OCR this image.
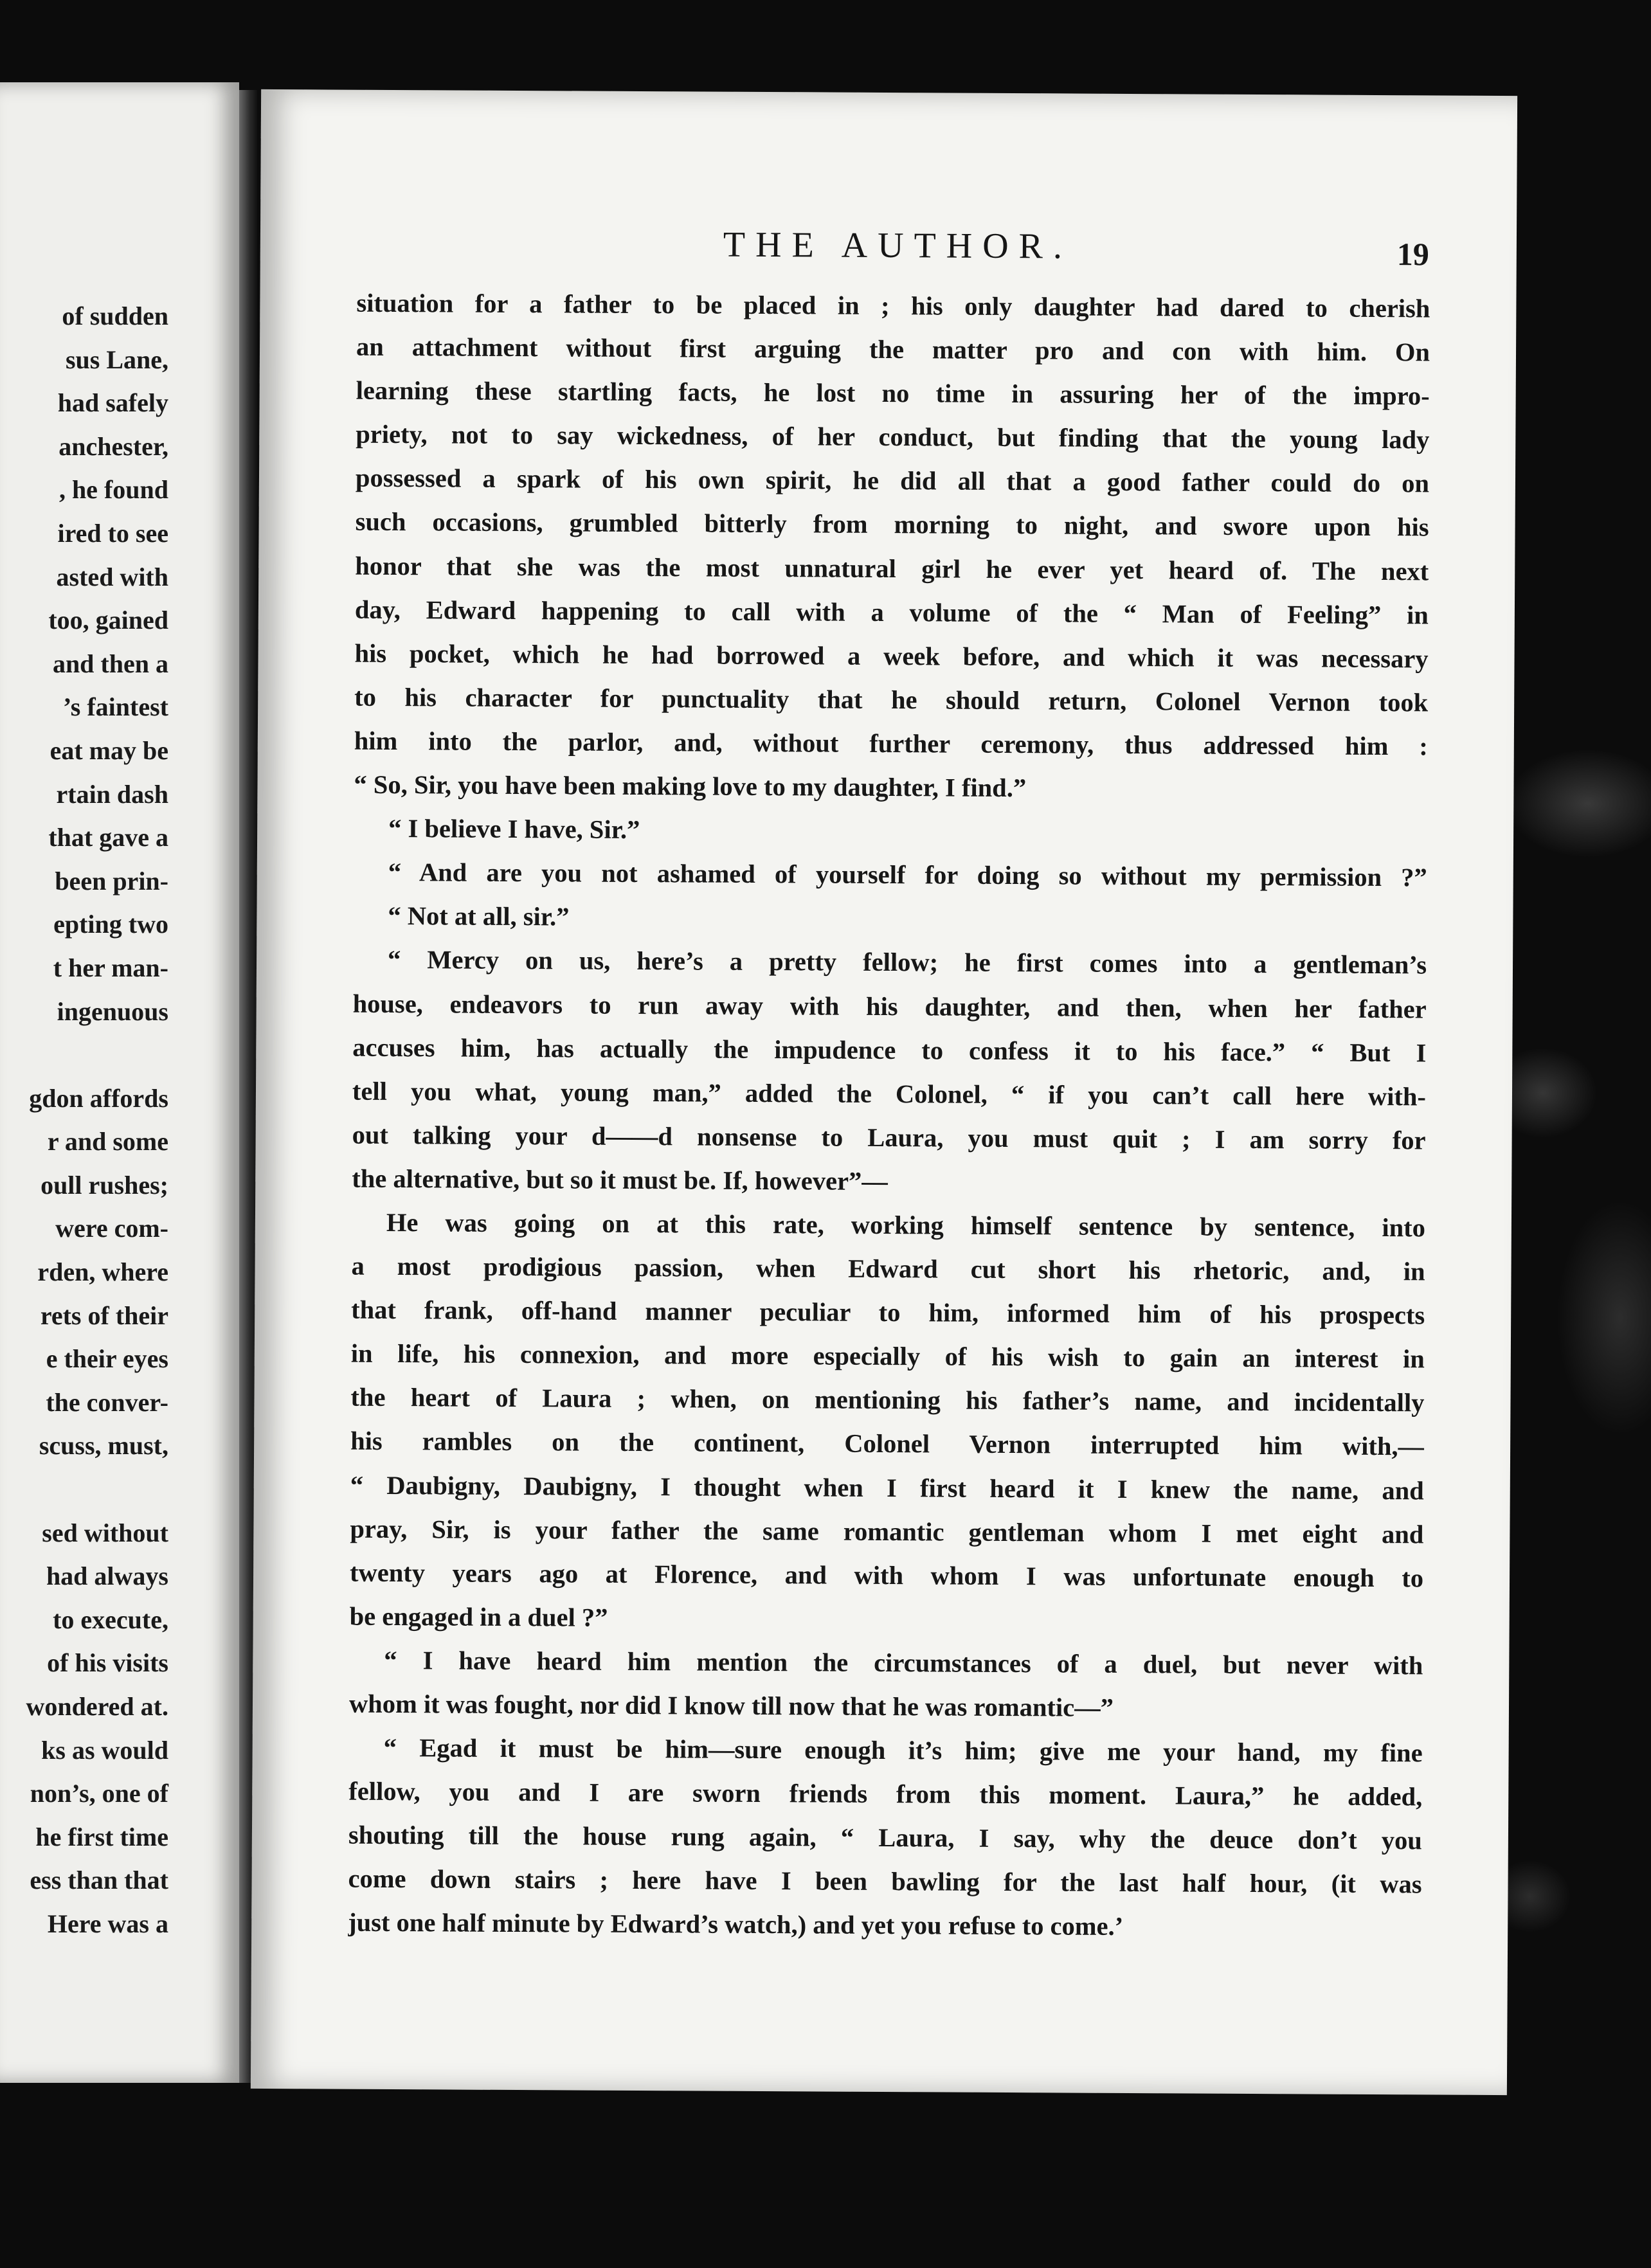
of sudden
sus Lane,
had safely
anchester,
, he found
ired to see
asted with
too, gained
and then a
’s faintest
eat may be
rtain dash
that gave a
been prin-
epting two
t her man-
ingenuous
gdon affords
r and some
oull rushes;
were com-
rden, where
rets of their
e their eyes
the conver-
scuss, must,
sed without
had always
to execute,
of his visits
wondered at.
ks as would
non’s, one of
he first time
ess than that
Here was a
THE AUTHOR.	19
situation for a father to be placed in ; his only daughter had dared to cherish
an attachment without first arguing the matter pro and con with him. On
learning these startling facts, he lost no time in assuring her of the impro-
priety, not to say wickedness, of her conduct, but finding that the young lady
possessed a spark of his own spirit, he did all that a good father could do on
such occasions, grumbled bitterly from morning to night, and swore upon his
honor that she was the most unnatural girl he ever yet heard of. The next
day, Edward happening to call with a volume of the “ Man of Feeling” in
his pocket, which he had borrowed a week before, and which it was necessary
to his character for punctuality that he should return, Colonel Vernon took
him into the parlor, and, without further ceremony, thus addressed him :
“ So, Sir, you have been making love to my daughter, I find.”
“ I believe I have, Sir.”
“ And are you not ashamed of yourself for doing so without my permission ?”
“ Not at all, sir.”
“ Mercy on us, here’s a pretty fellow; he first comes into a gentleman’s
house, endeavors to run away with his daughter, and then, when her father
accuses him, has actually the impudence to confess it to his face.” “ But I
tell you what, young man,” added the Colonel, “ if you can’t call here with-
out talking your d——d nonsense to Laura, you must quit ; I am sorry for
the alternative, but so it must be. If, however”—
He was going on at this rate, working himself sentence by sentence, into
a most prodigious passion, when Edward cut short his rhetoric, and, in
that frank, off-hand manner peculiar to him, informed him of his prospects
in life, his connexion, and more especially of his wish to gain an interest in
the heart of Laura ; when, on mentioning his father’s name, and incidentally
his rambles on the continent, Colonel Vernon interrupted him with,—
“ Daubigny, Daubigny, I thought when I first heard it I knew the name, and
pray, Sir, is your father the same romantic gentleman whom I met eight and
twenty years ago at Florence, and with whom I was unfortunate enough to
be engaged in a duel ?”
“ I have heard him mention the circumstances of a duel, but never with
whom it was fought, nor did I know till now that he was romantic—”
“ Egad it must be him—sure enough it’s him; give me your hand, my fine
fellow, you and I are sworn friends from this moment. Laura,” he added,
shouting till the house rung again, “ Laura, I say, why the deuce don’t you
come down stairs ; here have I been bawling for the last half hour, (it was
just one half minute by Edward’s watch,) and yet you refuse to come.’
